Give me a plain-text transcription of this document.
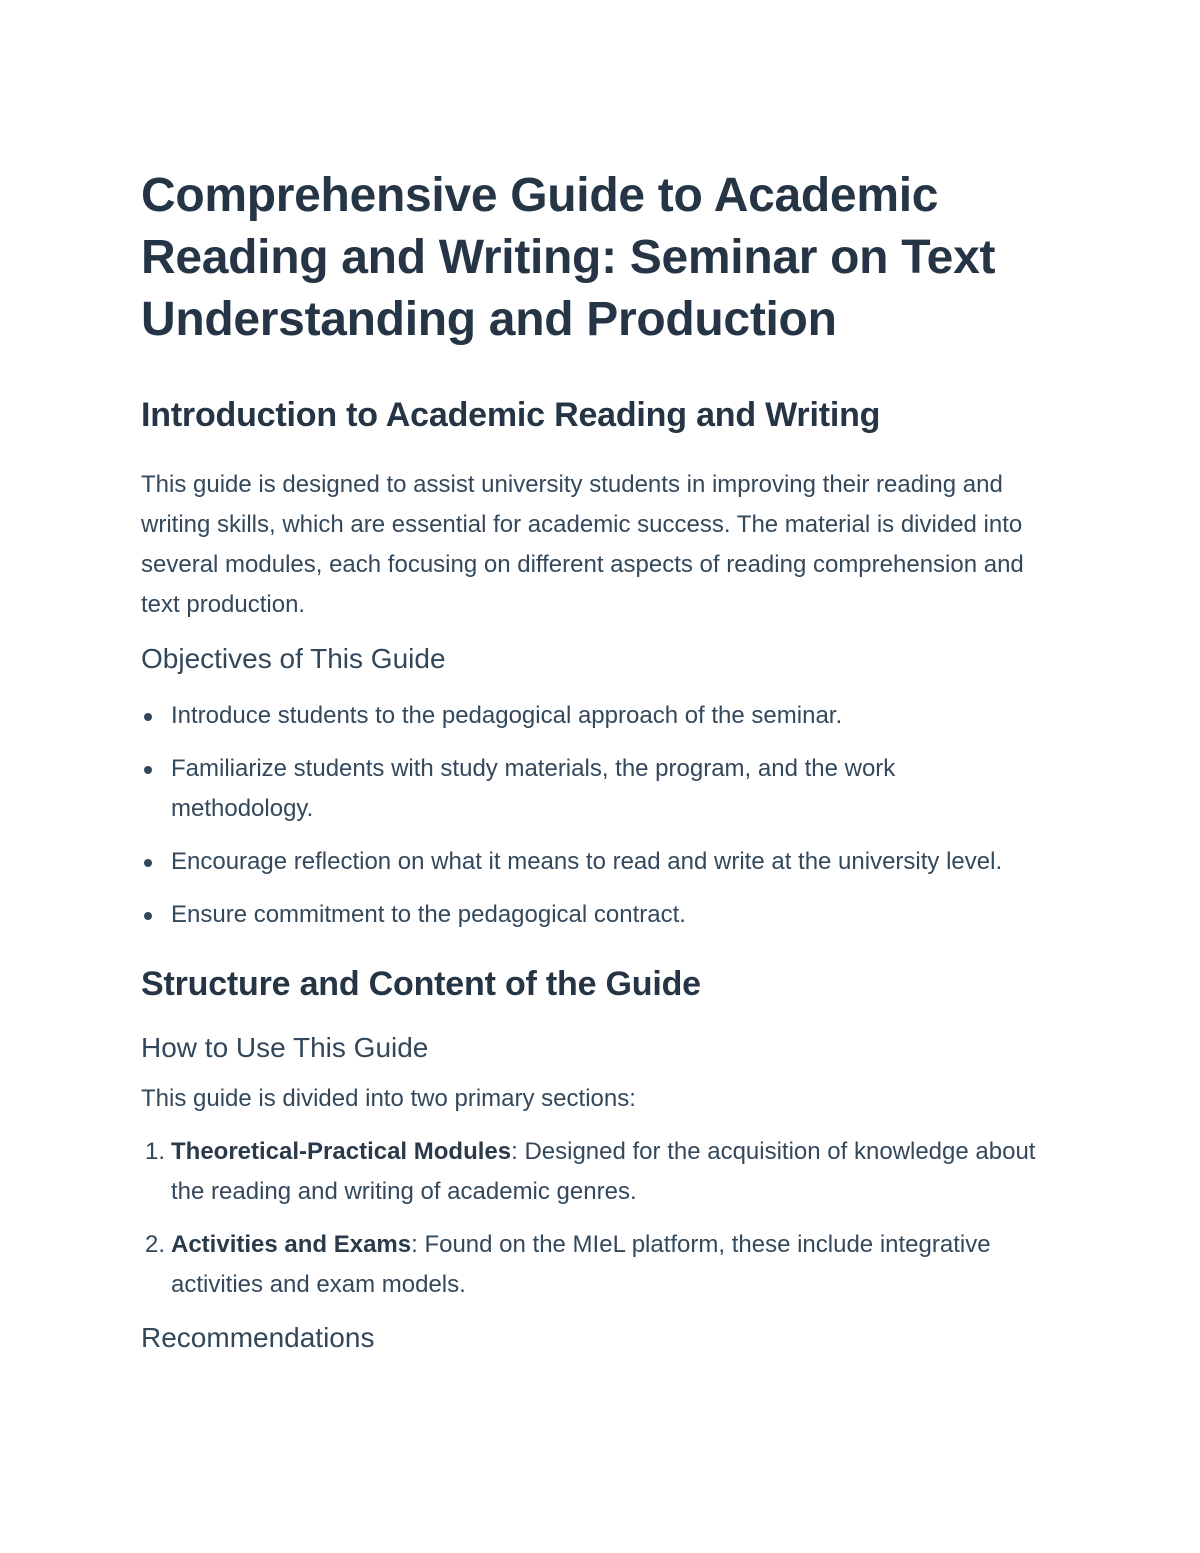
Comprehensive Guide to Academic Reading and Writing: Seminar on Text Understanding and Production
Introduction to Academic Reading and Writing

This guide is designed to assist university students in improving their reading and writing skills, which are essential for academic success. The material is divided into several modules, each focusing on different aspects of reading comprehension and text production.

Objectives of This Guide
Introduce students to the pedagogical approach of the seminar.
Familiarize students with study materials, the program, and the work methodology.
Encourage reflection on what it means to read and write at the university level.
Ensure commitment to the pedagogical contract.
Structure and Content of the Guide
How to Use This Guide

This guide is divided into two primary sections:

1. Theoretical-Practical Modules: Designed for the acquisition of knowledge about the reading and writing of academic genres.
2. Activities and Exams: Found on the MIeL platform, these include integrative activities and exam models.
Recommendations
